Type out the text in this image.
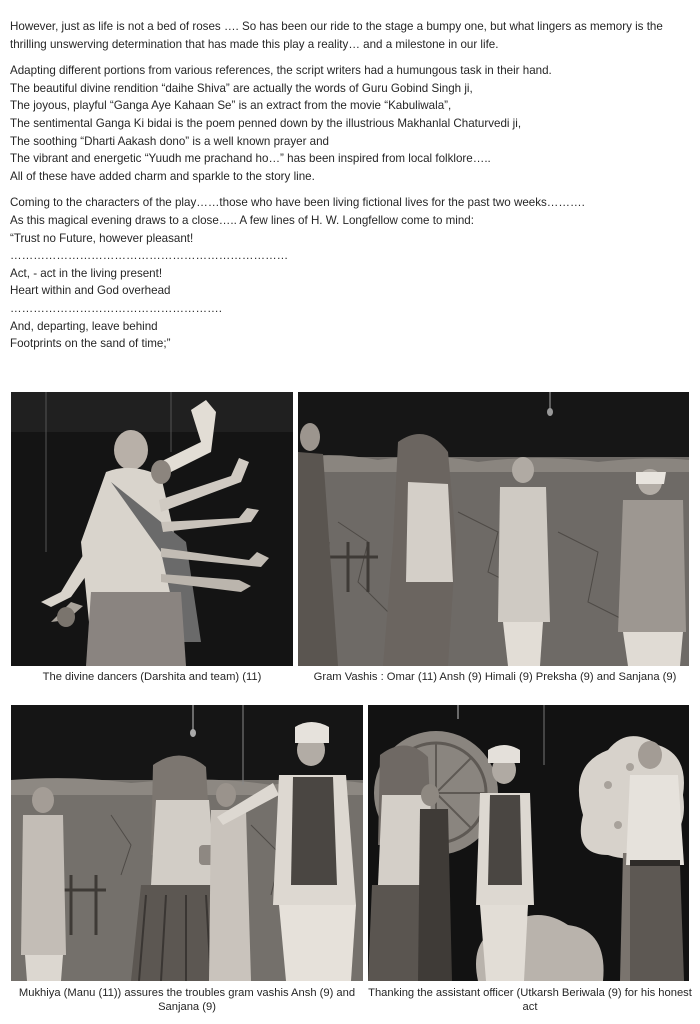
However, just as life is not a bed of roses …. So has been our ride to the stage a bumpy one, but what lingers as memory is the
thrilling unswerving determination that has made this play a reality… and a milestone in our life.
Adapting different portions from various references, the script writers had a humungous task in their hand.
The beautiful divine rendition “daihe Shiva” are actually the words of Guru Gobind Singh ji,
The joyous, playful “Ganga Aye Kahaan Se” is an extract from the movie “Kabuliwala”,
The sentimental Ganga Ki bidai is the poem penned down by the illustrious Makhanlal Chaturvedi ji,
The soothing “Dharti Aakash dono” is a well known prayer and
The vibrant and energetic “Yuudh me prachand ho…” has been inspired from local folklore…..
All of these have added charm and sparkle to the story line.
Coming to the characters of the play……those who have been living fictional lives for the past two weeks……….
As this magical evening draws to a close….. A few lines of H. W. Longfellow come to mind:
“Trust no Future, however pleasant!
………………………………………………………………
Act, - act in the living present!
Heart within and God overhead
……………………………………………….
And, departing, leave behind
Footprints on the sand of time;”
The divine dancers (Darshita and team) (11)	Gram Vashis : Omar (11) Ansh (9) Himali (9) Preksha (9) and Sanjana (9)
Mukhiya (Manu (11)) assures the troubles gram vashis Ansh (9) and Sanjana (9)
Thanking the assistant officer (Utkarsh Beriwala (9) for his honest act
